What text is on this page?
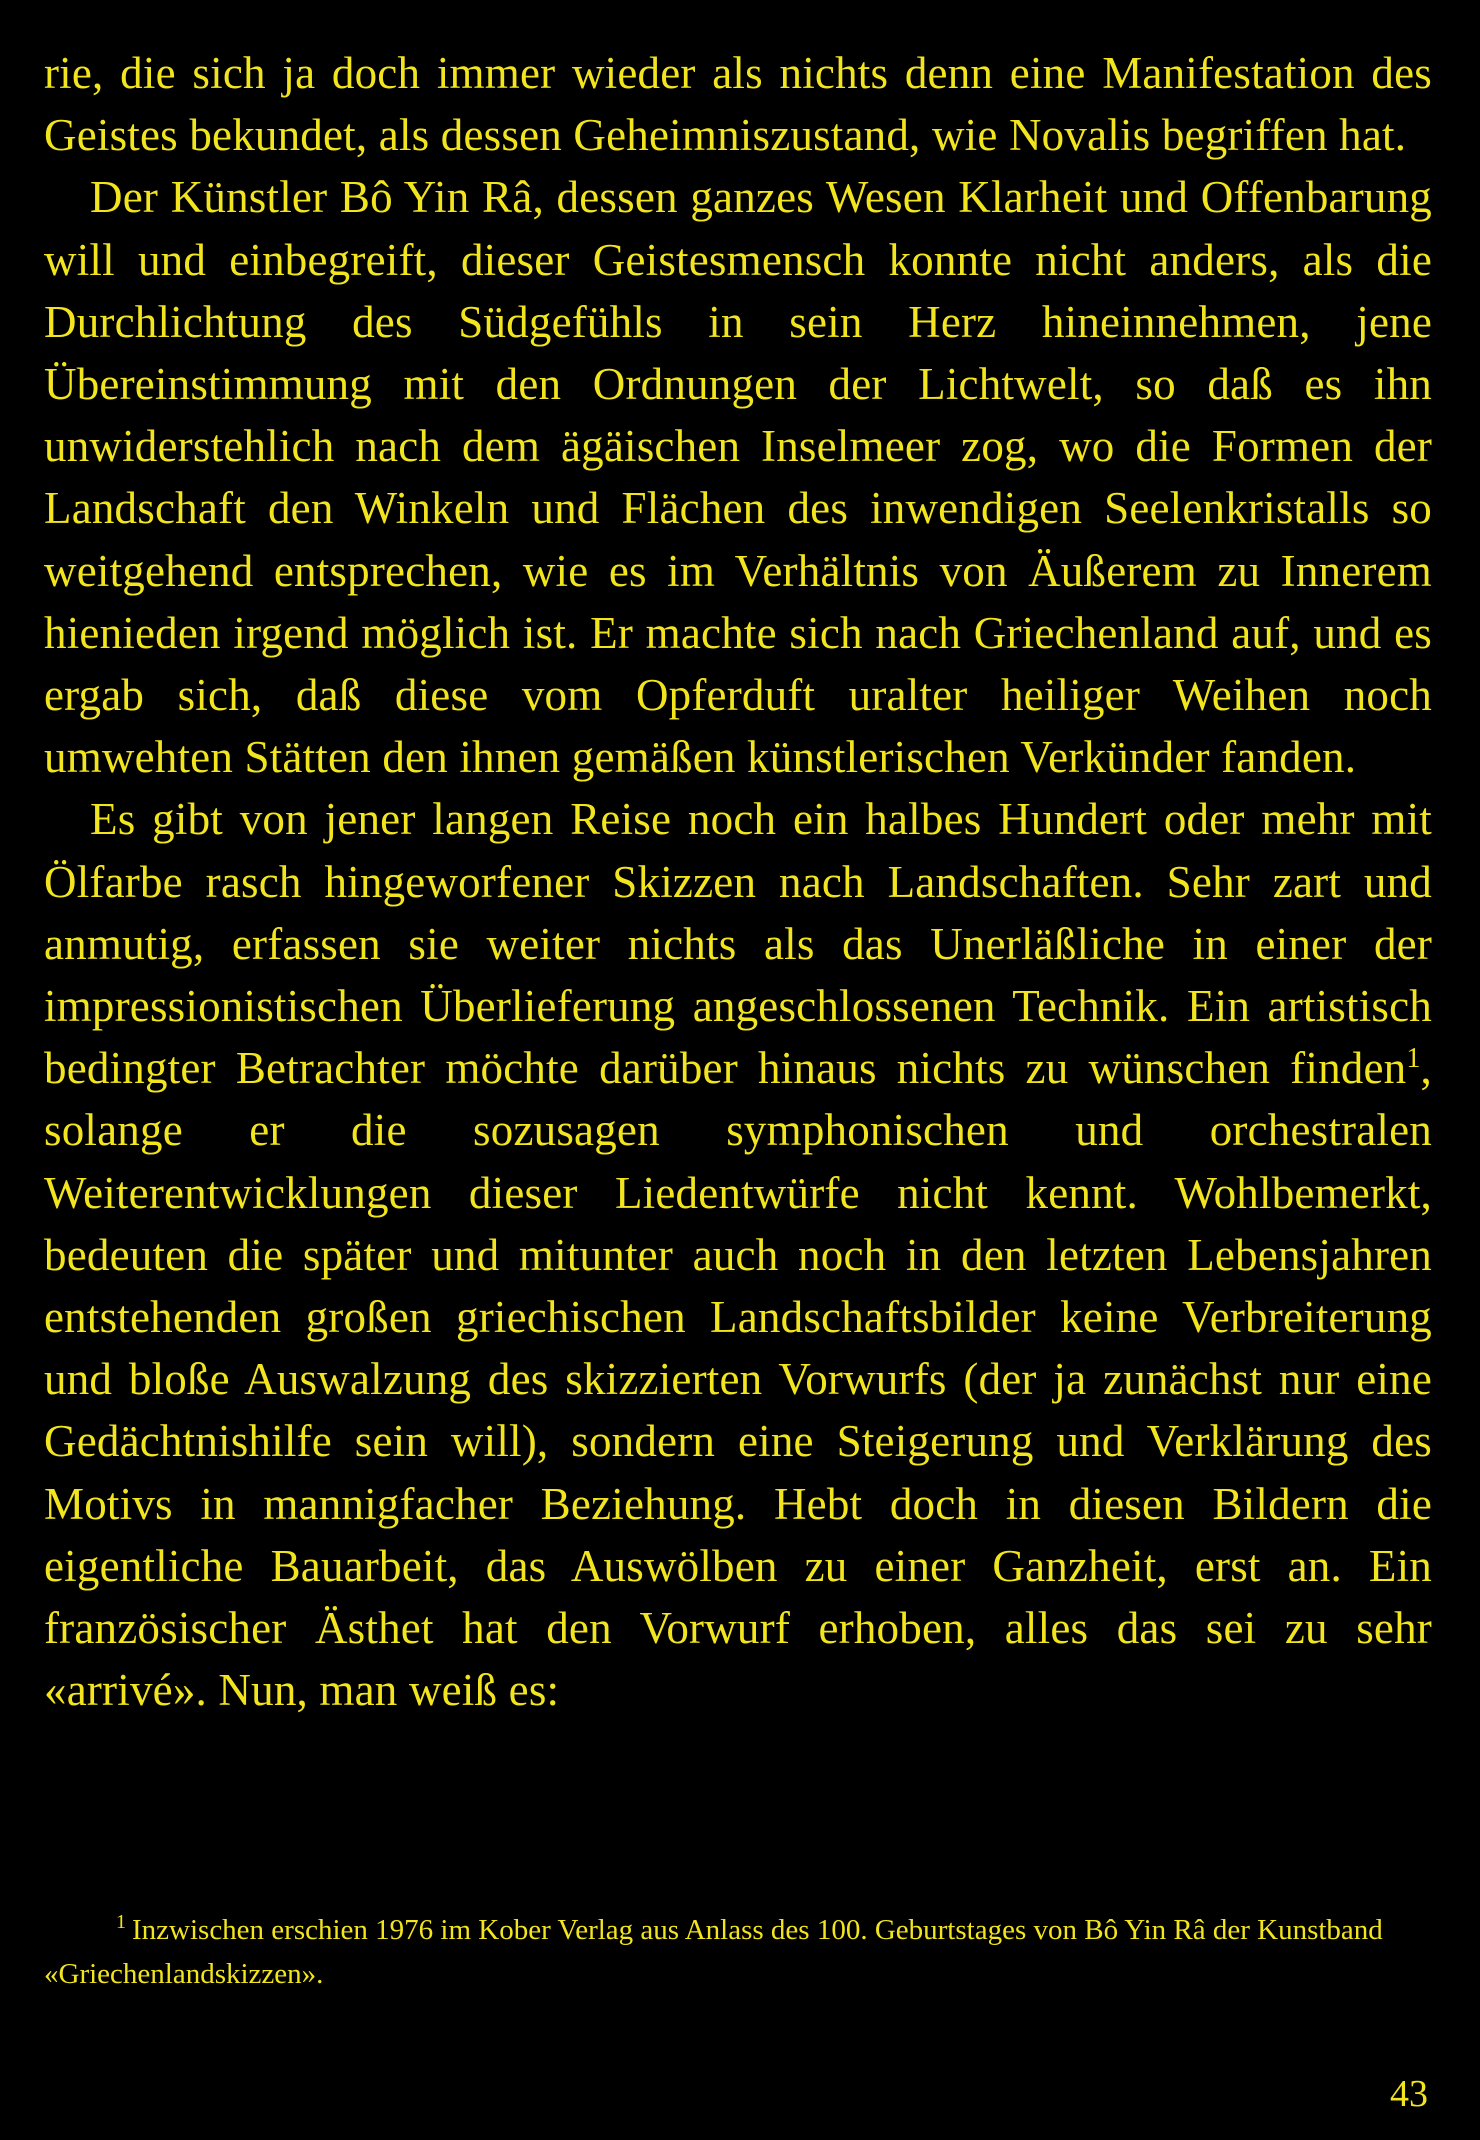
rie, die sich ja doch immer wieder als nichts denn eine Manifestation des Geistes bekundet, als dessen Geheimniszustand, wie Novalis begriffen hat.

Der Künstler Bô Yin Râ, dessen ganzes Wesen Klarheit und Offenbarung will und einbegreift, dieser Geistesmensch konnte nicht anders, als die Durchlichtung des Südgefühls in sein Herz hineinnehmen, jene Übereinstimmung mit den Ordnungen der Lichtwelt, so daß es ihn unwiderstehlich nach dem ägäischen Inselmeer zog, wo die Formen der Landschaft den Winkeln und Flächen des inwendigen Seelenkristalls so weitgehend entsprechen, wie es im Verhältnis von Äußerem zu Innerem hienieden irgend möglich ist. Er machte sich nach Griechenland auf, und es ergab sich, daß diese vom Opferduft uralter heiliger Weihen noch umwehten Stätten den ihnen gemäßen künstlerischen Verkünder fanden.

Es gibt von jener langen Reise noch ein halbes Hundert oder mehr mit Ölfarbe rasch hingeworfener Skizzen nach Landschaften. Sehr zart und anmutig, erfassen sie weiter nichts als das Unerläßliche in einer der impressionistischen Überlieferung angeschlossenen Technik. Ein artistisch bedingter Betrachter möchte darüber hinaus nichts zu wünschen finden$^1$, solange er die sozusagen symphonischen und orchestralen Weiterentwicklungen dieser Liedentwürfe nicht kennt. Wohlbemerkt, bedeuten die später und mitunter auch noch in den letzten Lebensjahren entstehenden großen griechischen Landschaftsbilder keine Verbreiterung und bloße Auswalzung des skizzierten Vorwurfs (der ja zunächst nur eine Gedächtnishilfe sein will), sondern eine Steigerung und Verklärung des Motivs in mannigfacher Beziehung. Hebt doch in diesen Bildern die eigentliche Bauarbeit, das Auswölben zu einer Ganzheit, erst an. Ein französischer Ästhet hat den Vorwurf erhoben, alles das sei zu sehr «arrivé». Nun, man weiß es:

$^1$ Inzwischen erschien 1976 im Kober Verlag aus Anlass des 100. Geburtstages von Bô Yin Râ der Kunstband «Griechenlandskizzen».
43
